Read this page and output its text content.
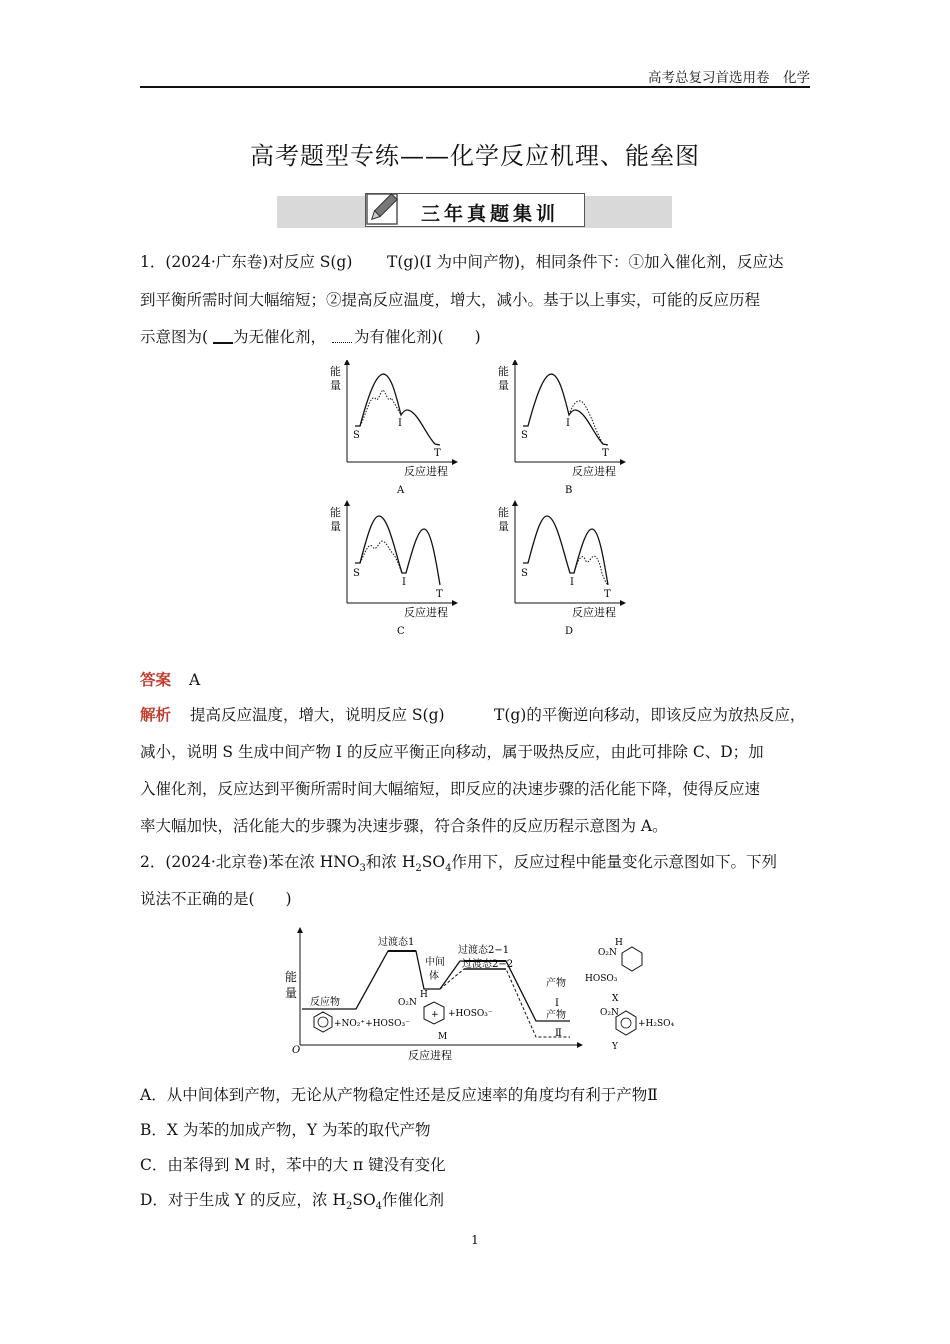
高考总复习首选用卷　化学
高考题型专练——化学反应机理、能垒图
三年真题集训
1．(2024·广东卷)对反应 S(g) T(g)(I 为中间产物)，相同条件下：①加入催化剂，反应达
到平衡所需时间大幅缩短；②提高反应温度，增大，减小。基于以上事实，可能的反应历程
示意图为( 为无催化剂， 为有催化剂)(　　)
能
量
S
I
T
反应进程
A
能
量
S
I
T
反应进程
B
能
量
S
I
T
反应进程
C
能
量
S
I
T
反应进程
D
答案 A
解析 提高反应温度，增大，说明反应 S(g)	T(g)的平衡逆向移动，即该反应为放热反应，
减小，说明 S 生成中间产物 I 的反应平衡正向移动，属于吸热反应，由此可排除 C、D；加
入催化剂，反应达到平衡所需时间大幅缩短，即反应的决速步骤的活化能下降，使得反应速
率大幅加快，活化能大的步骤为决速步骤，符合条件的反应历程示意图为 A。
2．(2024·北京卷)苯在浓 $HNO_3$和浓 $H_2SO_4$作用下，反应过程中能量变化示意图如下。下列
说法不正确的是(　　)
能
量
O	反应进程
过渡态1
过渡态2−1
过渡态2−2
中间
体
反应物
+NO₂⁺+HOSO₃⁻
O₂N
H
+ +HOSO₃⁻
M
产物
Ⅰ
产物
Ⅱ
O₂N
H
HOSO₃
X
O₂N
+H₂SO₄
Y
A．从中间体到产物，无论从产物稳定性还是反应速率的角度均有利于产物Ⅱ
B．X 为苯的加成产物，Y 为苯的取代产物
C．由苯得到 M 时，苯中的大 π 键没有变化
D．对于生成 Y 的反应，浓 $H_2SO_4$作催化剂
1
